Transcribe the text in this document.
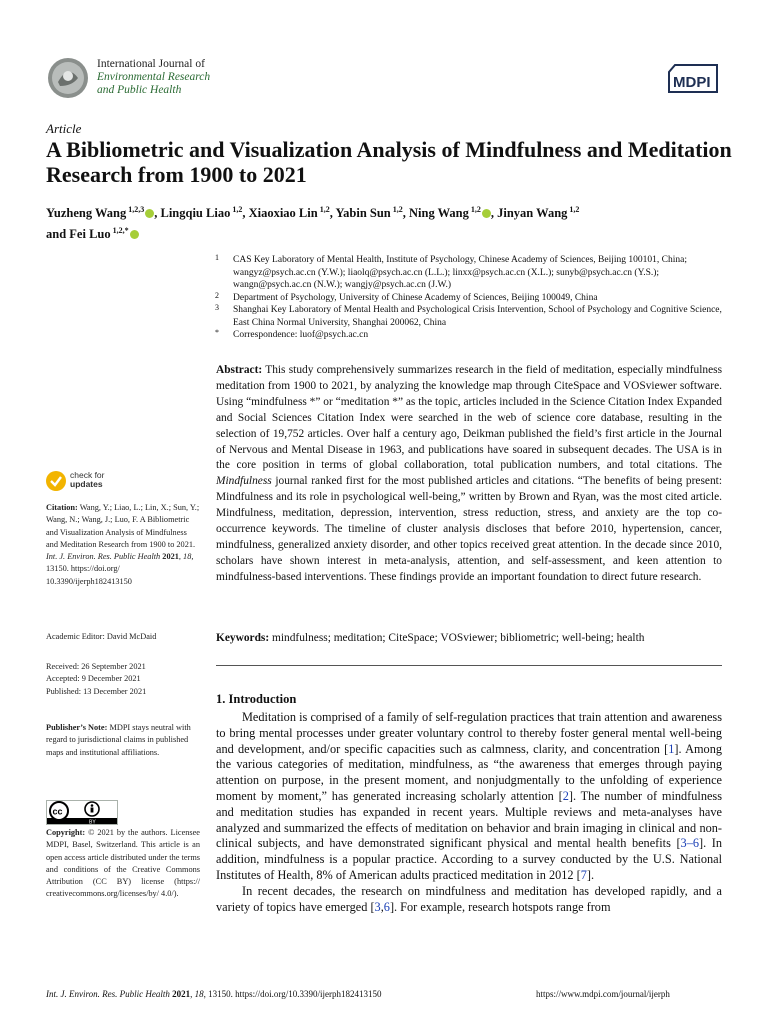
International Journal of
Environmental Research
and Public Health	MDPI
Article
A Bibliometric and Visualization Analysis of Mindfulness and Meditation Research from 1900 to 2021
Yuzheng Wang $^{1,2,3}$ , Lingqiu Liao $^{1,2}$, Xiaoxiao Lin $^{1,2}$, Yabin Sun $^{1,2}$, Ning Wang $^{1,2}$ , Jinyan Wang $^{1,2}$
and Fei Luo $^{1,2,*}$
1 CAS Key Laboratory of Mental Health, Institute of Psychology, Chinese Academy of Sciences, Beijing 100101, China; wangyz@psych.ac.cn (Y.W.); liaolq@psych.ac.cn (L.L.); linxx@psych.ac.cn (X.L.); sunyb@psych.ac.cn (Y.S.); wangn@psych.ac.cn (N.W.); wangjy@psych.ac.cn (J.W.)
2 Department of Psychology, University of Chinese Academy of Sciences, Beijing 100049, China
3 Shanghai Key Laboratory of Mental Health and Psychological Crisis Intervention, School of Psychology and Cognitive Science, East China Normal University, Shanghai 200062, China
* Correspondence: luof@psych.ac.cn
Abstract: This study comprehensively summarizes research in the field of meditation, especially mindfulness meditation from 1900 to 2021, by analyzing the knowledge map through CiteSpace and VOSviewer software. Using “mindfulness *” or “meditation *” as the topic, articles included in the Science Citation Index Expanded and Social Sciences Citation Index were searched in the web of science core database, resulting in the selection of 19,752 articles. Over half a century ago, Deikman published the field’s first article in the Journal of Nervous and Mental Disease in 1963, and publications have soared in subsequent decades. The USA is in the core position in terms of global collaboration, total publication numbers, and total citations. The Mindfulness journal ranked first for the most published articles and citations. “The benefits of being present: Mindfulness and its role in psychological well-being,” written by Brown and Ryan, was the most cited article. Mindfulness, meditation, depression, intervention, stress reduction, stress, and anxiety are the top co-occurrence keywords. The timeline of cluster analysis discloses that before 2010, hypertension, cancer, mindfulness, generalized anxiety disorder, and other topics received great attention. In the decade since 2010, scholars have shown interest in meta-analysis, attention, and self-assessment, and keen attention to mindfulness-based interventions. These findings provide an important foundation to direct future research.
Keywords: mindfulness; meditation; CiteSpace; VOSviewer; bibliometric; well-being; health
1. Introduction

Meditation is comprised of a family of self-regulation practices that train attention and awareness to bring mental processes under greater voluntary control to thereby foster general mental well-being and development, and/or specific capacities such as calmness, clarity, and concentration [1]. Among the various categories of meditation, mindfulness, as “the awareness that emerges through paying attention on purpose, in the present moment, and nonjudgmentally to the unfolding of experience moment by moment,” has generated increasing scholarly attention [2]. The number of mindfulness and meditation studies has expanded in recent years. Multiple reviews and meta-analyses have analyzed and summarized the effects of meditation on behavior and brain imaging in clinical and non-clinical subjects, and have demonstrated significant physical and mental health benefits [3–6]. In addition, mindfulness is a popular practice. According to a survey conducted by the U.S. National Institutes of Health, 8% of American adults practiced meditation in 2012 [7].

In recent decades, the research on mindfulness and meditation has developed rapidly, and a variety of topics have emerged [3,6]. For example, research hotspots range from

check for
updates
Citation: Wang, Y.; Liao, L.; Lin, X.; Sun, Y.; Wang, N.; Wang, J.; Luo, F. A Bibliometric and Visualization Analysis of Mindfulness and Meditation Research from 1900 to 2021. Int. J. Environ. Res. Public Health 2021, 18, 13150. https://doi.org/ 10.3390/ijerph182413150
Academic Editor: David McDaid
Received: 26 September 2021
Accepted: 9 December 2021
Published: 13 December 2021
Publisher’s Note: MDPI stays neutral with regard to jurisdictional claims in published maps and institutional affiliations.
cc
BY
Copyright: © 2021 by the authors. Licensee MDPI, Basel, Switzerland. This article is an open access article distributed under the terms and conditions of the Creative Commons Attribution (CC BY) license (https:// creativecommons.org/licenses/by/ 4.0/).
Int. J. Environ. Res. Public Health 2021, 18, 13150. https://doi.org/10.3390/ijerph182413150	https://www.mdpi.com/journal/ijerph
